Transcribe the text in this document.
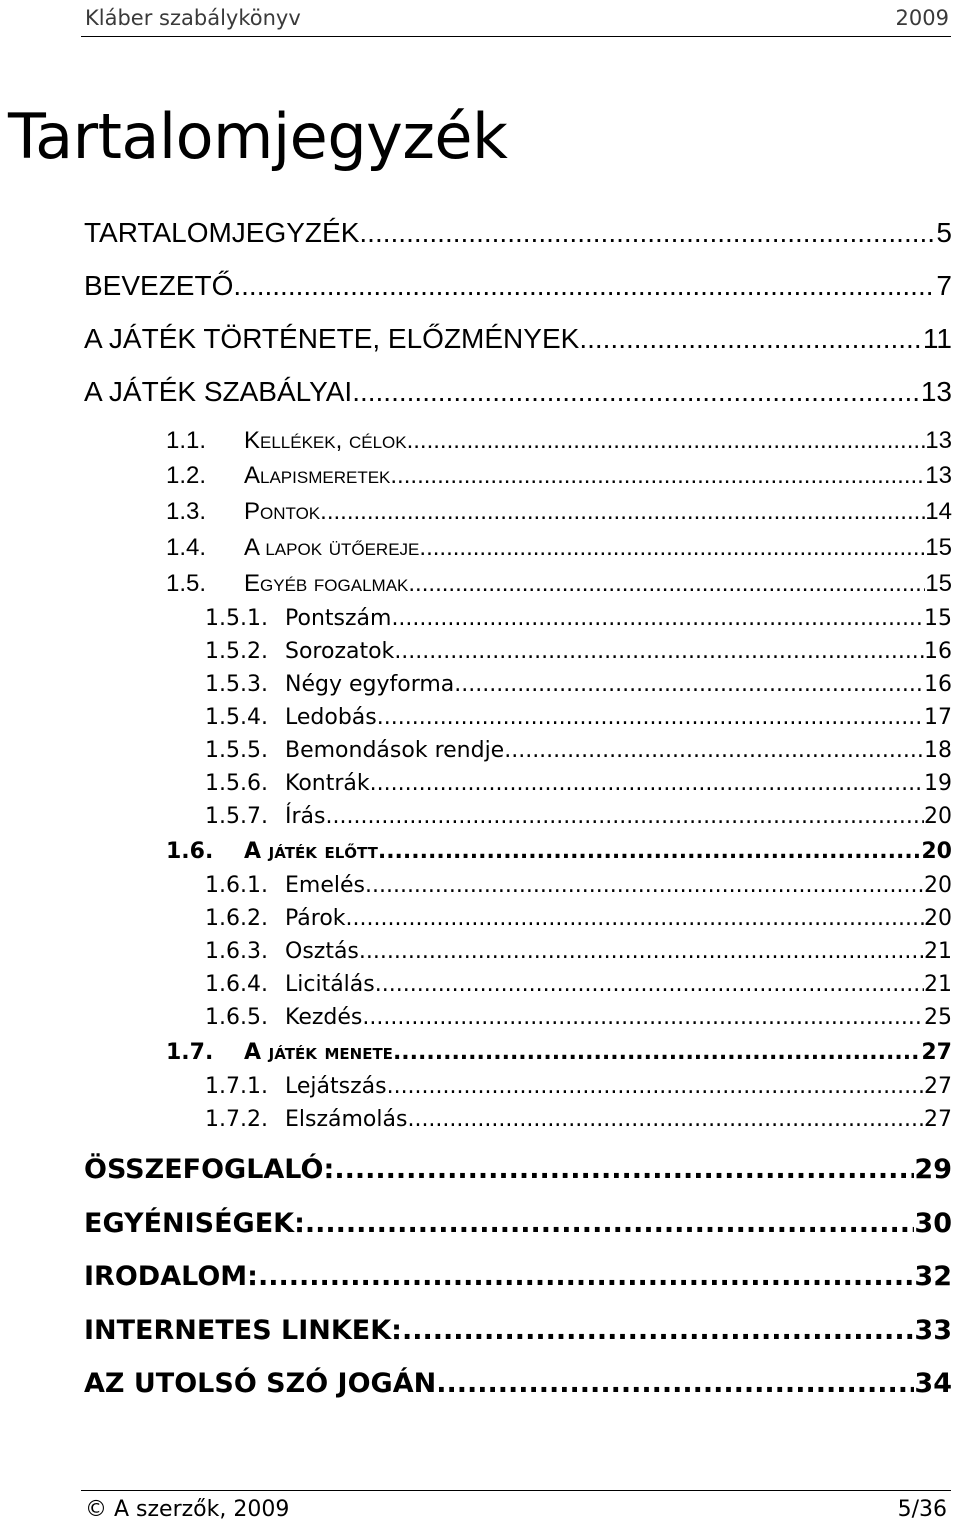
Kláber szabálykönyv	2009
Tartalomjegyzék
TARTALOMJEGYZÉK .....	5
BEVEZETŐ .....	7
A JÁTÉK TÖRTÉNETE, ELŐZMÉNYEK .....	11
A JÁTÉK SZABÁLYAI .....	13
1.1.	Kellékek, célok .....	13
1.2.	Alapismeretek .....	13
1.3.	Pontok .....	14
1.4.	A lapok ütőereje .....	15
1.5.	Egyéb fogalmak .....	15
1.5.1. Pontszám .....	15
1.5.2. Sorozatok .....	16
1.5.3. Négy egyforma .....	16
1.5.4. Ledobás .....	17
1.5.5. Bemondások rendje .....	18
1.5.6. Kontrák .....	19
1.5.7. Írás .....	20
1.6.	A játék előtt .....	20
1.6.1. Emelés .....	20
1.6.2. Párok .....	20
1.6.3. Osztás .....	21
1.6.4. Licitálás .....	21
1.6.5. Kezdés .....	25
1.7.	A játék menete .....	27
1.7.1. Lejátszás .....	27
1.7.2. Elszámolás .....	27
ÖSSZEFOGLALÓ: .....	29
EGYÉNISÉGEK: .....	30
IRODALOM: .....	32
INTERNETES LINKEK: .....	33
AZ UTOLSÓ SZÓ JOGÁN .....	34
© A szerzők, 2009	5/36
